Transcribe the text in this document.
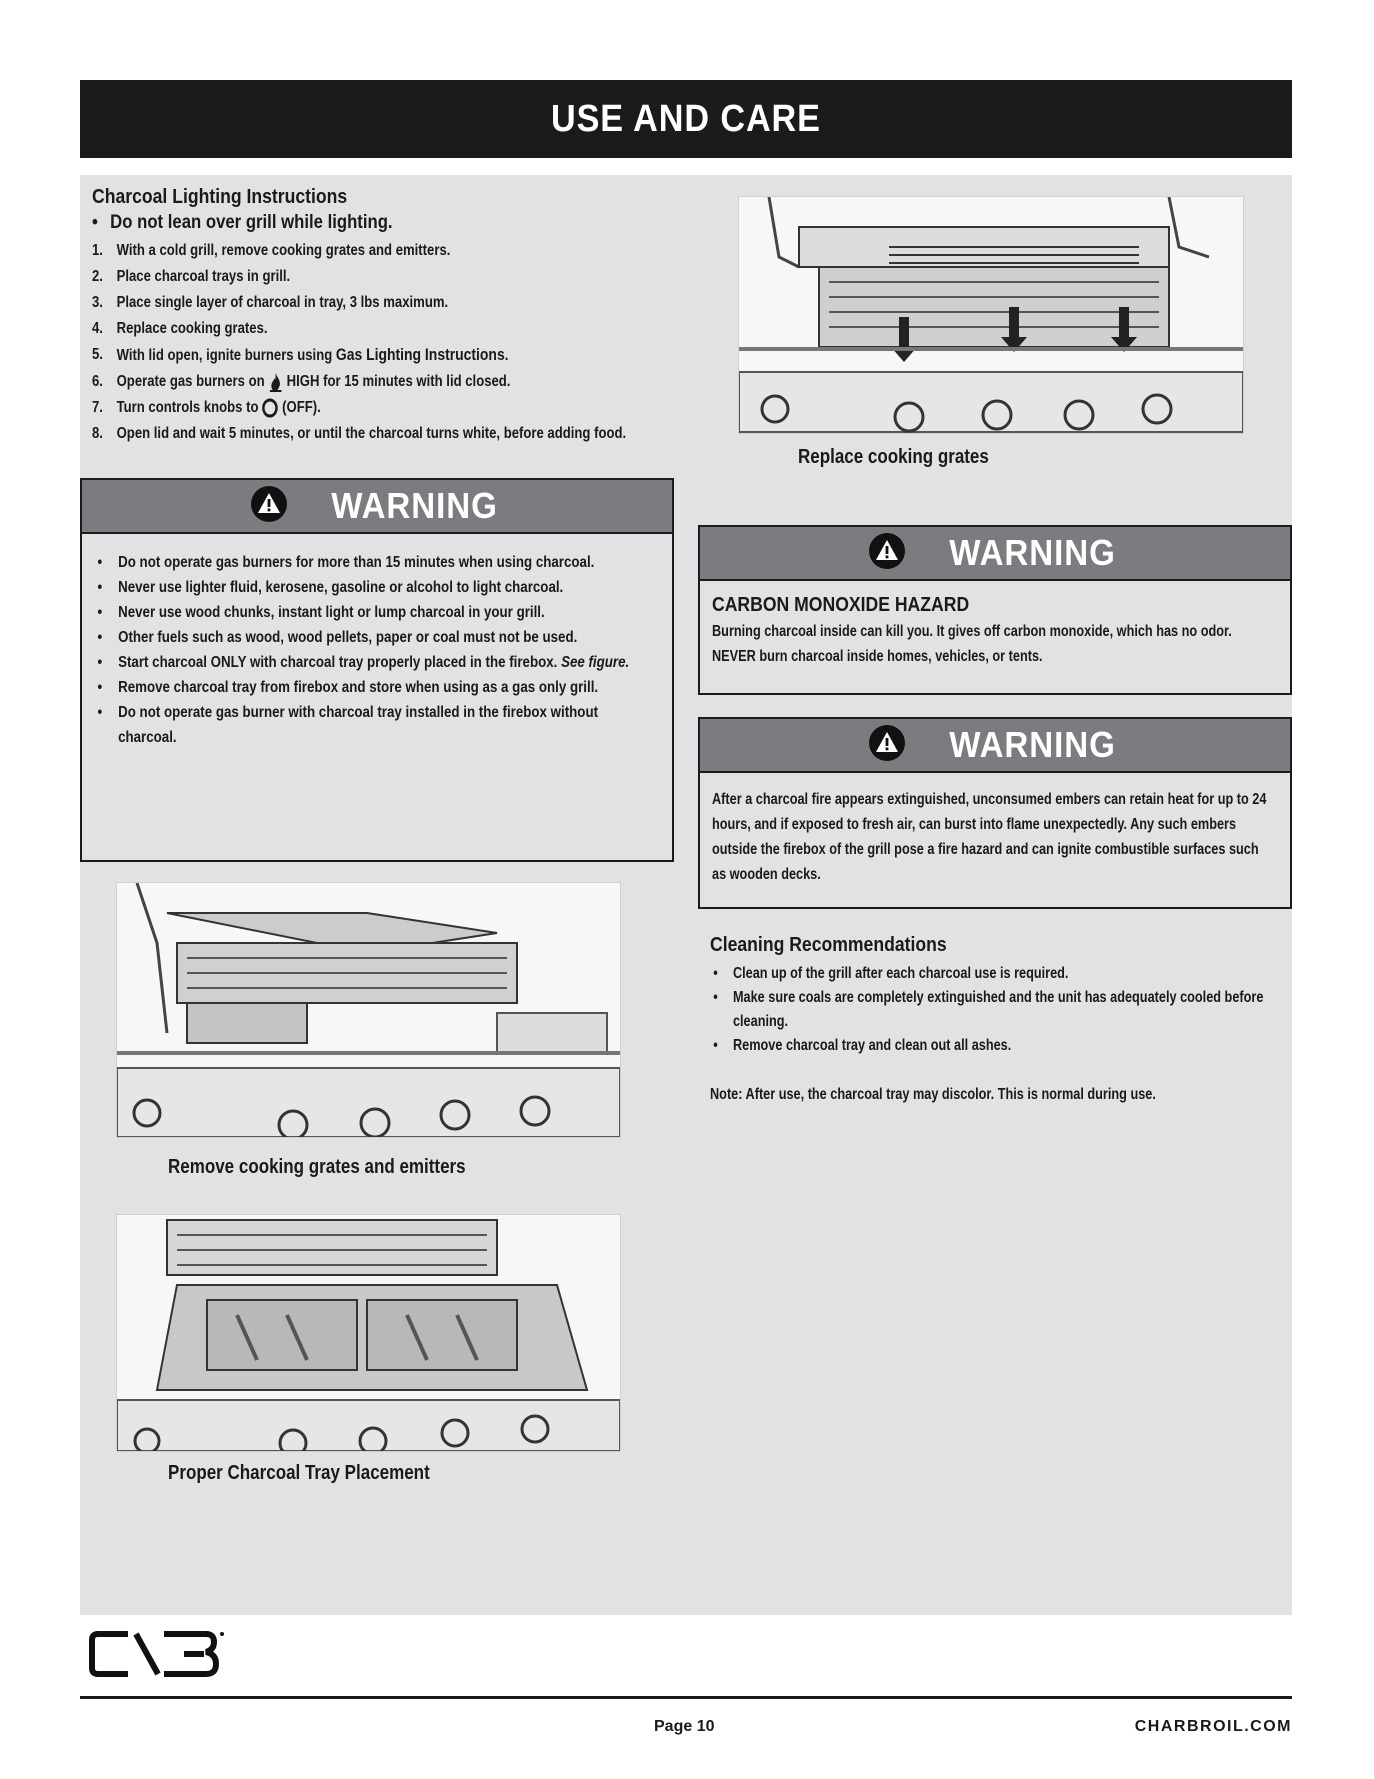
USE AND CARE
Charcoal Lighting Instructions
• Do not lean over grill while lighting.
1. With a cold grill, remove cooking grates and emitters.
2. Place charcoal trays in grill.
3. Place single layer of charcoal in tray, 3 lbs maximum.
4. Replace cooking grates.
5. With lid open, ignite burners using Gas Lighting Instructions.
6. Operate gas burners on  HIGH for 15 minutes with lid closed.
7. Turn controls knobs to  (OFF).
8. Open lid and wait 5 minutes, or until the charcoal turns white, before adding food.
WARNING
• Do not operate gas burners for more than 15 minutes when using charcoal.
• Never use lighter fluid, kerosene, gasoline or alcohol to light charcoal.
• Never use wood chunks, instant light or lump charcoal in your grill.
• Other fuels such as wood, wood pellets, paper or coal must not be used.
• Start charcoal ONLY with charcoal tray properly placed in the firebox. See figure.
• Remove charcoal tray from firebox and store when using as a gas only grill.
• Do not operate gas burner with charcoal tray installed in the firebox without charcoal.
Replace cooking grates
WARNING
CARBON MONOXIDE HAZARD
Burning charcoal inside can kill you. It gives off carbon monoxide, which has no odor. NEVER burn charcoal inside homes, vehicles, or tents.
WARNING
After a charcoal fire appears extinguished, unconsumed embers can retain heat for up to 24 hours, and if exposed to fresh air, can burst into flame unexpectedly. Any such embers outside the firebox of the grill pose a fire hazard and can ignite combustible surfaces such as wooden decks.
Cleaning Recommendations
• Clean up of the grill after each charcoal use is required.
• Make sure coals are completely extinguished and the unit has adequately cooled before cleaning.
• Remove charcoal tray and clean out all ashes.
Note: After use, the charcoal tray may discolor. This is normal during use.
Remove cooking grates and emitters
Proper Charcoal Tray Placement
Page 10	CHARBROIL.COM
